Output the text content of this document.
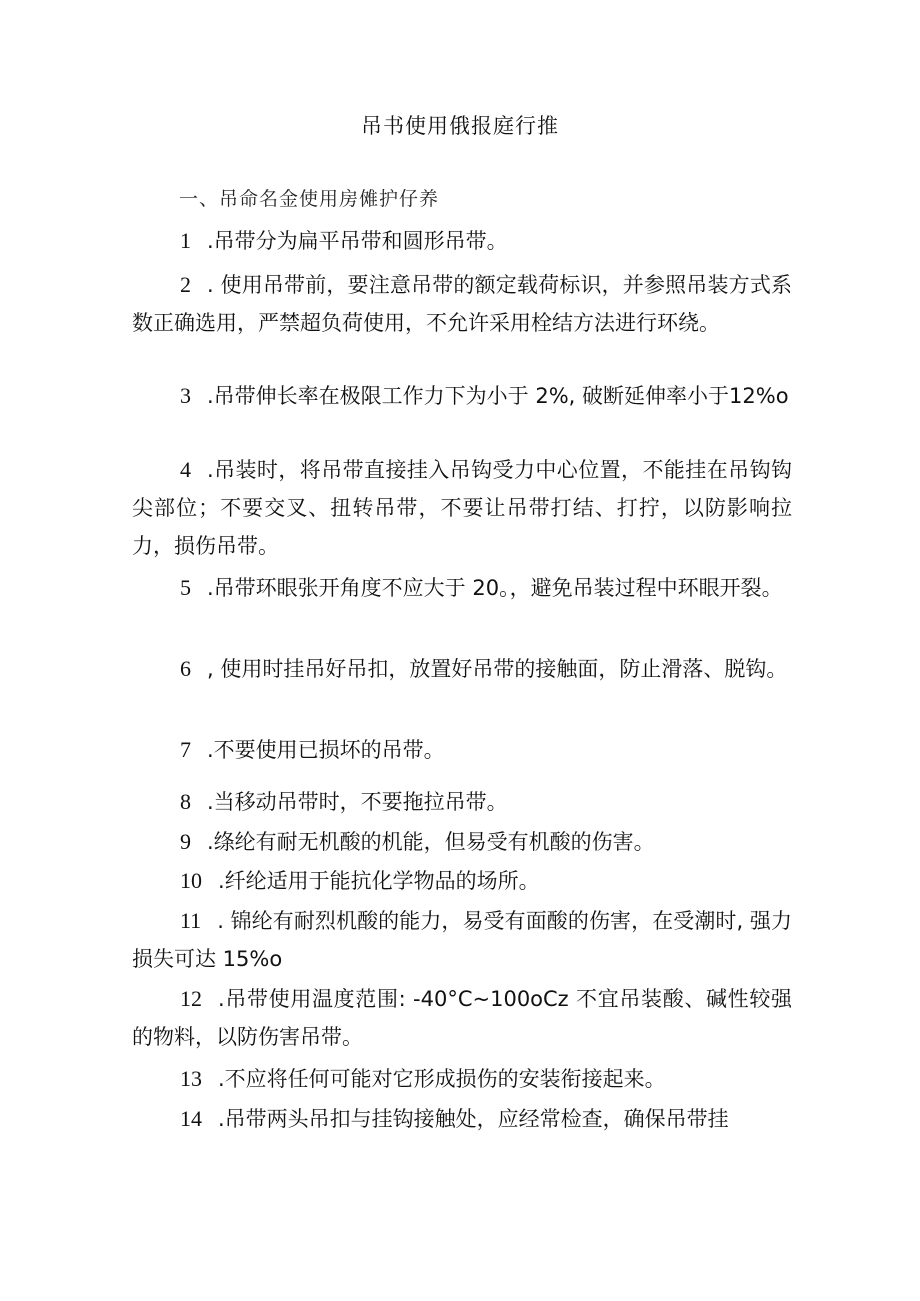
吊书使用俄报庭行推
一、吊命名金使用房傩护仔养
1 .吊带分为扁平吊带和圆形吊带。
2 . 使用吊带前，要注意吊带的额定载荷标识，并参照吊装方式系数正确选用，严禁超负荷使用，不允许采用栓结方法进行环绕。
3 .吊带伸长率在极限工作力下为小于 2%, 破断延伸率小于12%o
4 .吊装时，将吊带直接挂入吊钩受力中心位置，不能挂在吊钩钩尖部位；不要交叉、扭转吊带，不要让吊带打结、打拧，以防影响拉力，损伤吊带。
5 .吊带环眼张开角度不应大于 20。，避免吊装过程中环眼开裂。
6 , 使用时挂吊好吊扣，放置好吊带的接触面，防止滑落、脱钩。
7 .不要使用已损坏的吊带。
8 .当移动吊带时，不要拖拉吊带。
9 .绦纶有耐无机酸的机能，但易受有机酸的伤害。
10 .纤纶适用于能抗化学物品的场所。
11 . 锦纶有耐烈机酸的能力，易受有面酸的伤害，在受潮时, 强力损失可达 15%o
12 .吊带使用温度范围: -40°C~100oCz 不宜吊装酸、碱性较强的物料，以防伤害吊带。
13 .不应将任何可能对它形成损伤的安装衔接起来。
14 .吊带两头吊扣与挂钩接触处，应经常检查，确保吊带挂
